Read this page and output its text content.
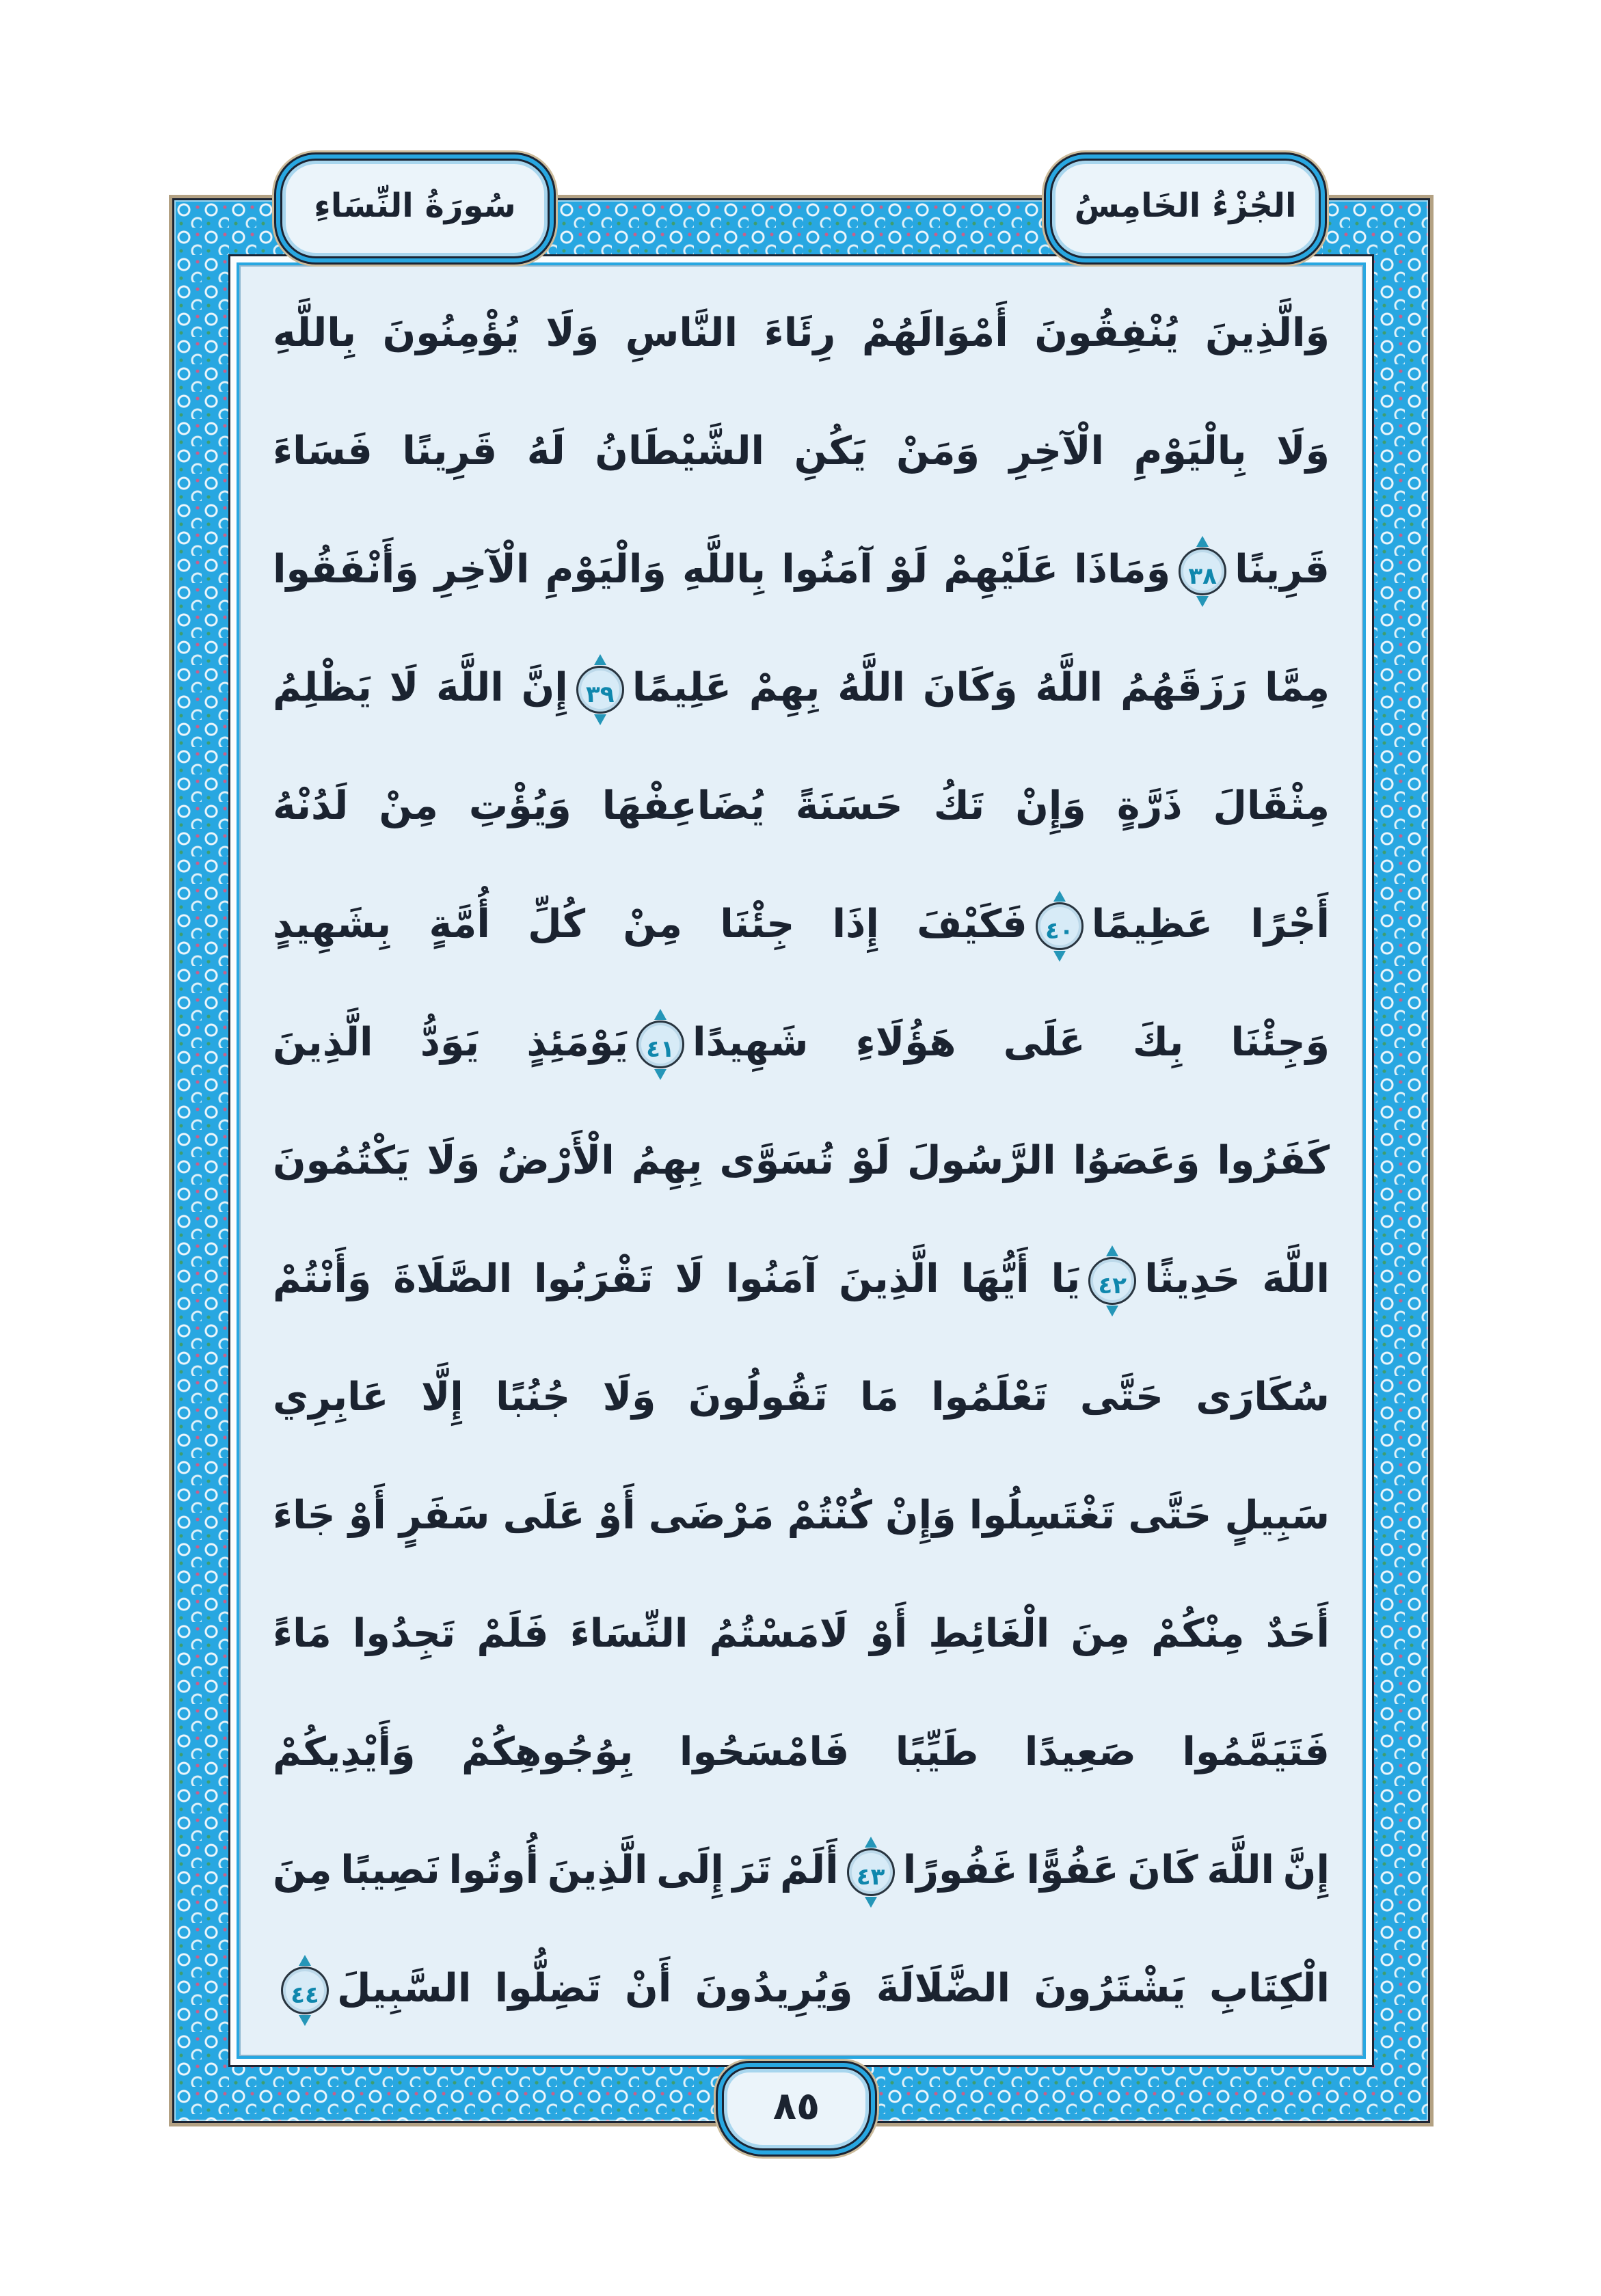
سُورَةُ النِّسَاءِ	الجُزْءُ الخَامِسُ
وَالَّذِينَ يُنْفِقُونَ أَمْوَالَهُمْ رِئَاءَ النَّاسِ وَلَا يُؤْمِنُونَ بِاللَّهِ
وَلَا بِالْيَوْمِ الْآخِرِ وَمَنْ يَكُنِ الشَّيْطَانُ لَهُ قَرِينًا فَسَاءَ
قَرِينًا٣٨وَمَاذَا عَلَيْهِمْ لَوْ آمَنُوا بِاللَّهِ وَالْيَوْمِ الْآخِرِ وَأَنْفَقُوا
مِمَّا رَزَقَهُمُ اللَّهُ وَكَانَ اللَّهُ بِهِمْ عَلِيمًا٣٩إِنَّ اللَّهَ لَا يَظْلِمُ
مِثْقَالَ ذَرَّةٍ وَإِنْ تَكُ حَسَنَةً يُضَاعِفْهَا وَيُؤْتِ مِنْ لَدُنْهُ
أَجْرًا عَظِيمًا٤٠فَكَيْفَ إِذَا جِئْنَا مِنْ كُلِّ أُمَّةٍ بِشَهِيدٍ
وَجِئْنَا بِكَ عَلَى هَؤُلَاءِ شَهِيدًا٤١يَوْمَئِذٍ يَوَدُّ الَّذِينَ
كَفَرُوا وَعَصَوُا الرَّسُولَ لَوْ تُسَوَّى بِهِمُ الْأَرْضُ وَلَا يَكْتُمُونَ
اللَّهَ حَدِيثًا٤٢يَا أَيُّهَا الَّذِينَ آمَنُوا لَا تَقْرَبُوا الصَّلَاةَ وَأَنْتُمْ
سُكَارَى حَتَّى تَعْلَمُوا مَا تَقُولُونَ وَلَا جُنُبًا إِلَّا عَابِرِي
سَبِيلٍ حَتَّى تَغْتَسِلُوا وَإِنْ كُنْتُمْ مَرْضَى أَوْ عَلَى سَفَرٍ أَوْ جَاءَ
أَحَدٌ مِنْكُمْ مِنَ الْغَائِطِ أَوْ لَامَسْتُمُ النِّسَاءَ فَلَمْ تَجِدُوا مَاءً
فَتَيَمَّمُوا صَعِيدًا طَيِّبًا فَامْسَحُوا بِوُجُوهِكُمْ وَأَيْدِيكُمْ
إِنَّ اللَّهَ كَانَ عَفُوًّا غَفُورًا٤٣أَلَمْ تَرَ إِلَى الَّذِينَ أُوتُوا نَصِيبًا مِنَ
الْكِتَابِ يَشْتَرُونَ الضَّلَالَةَ وَيُرِيدُونَ أَنْ تَضِلُّوا السَّبِيلَ٤٤
٨٥
